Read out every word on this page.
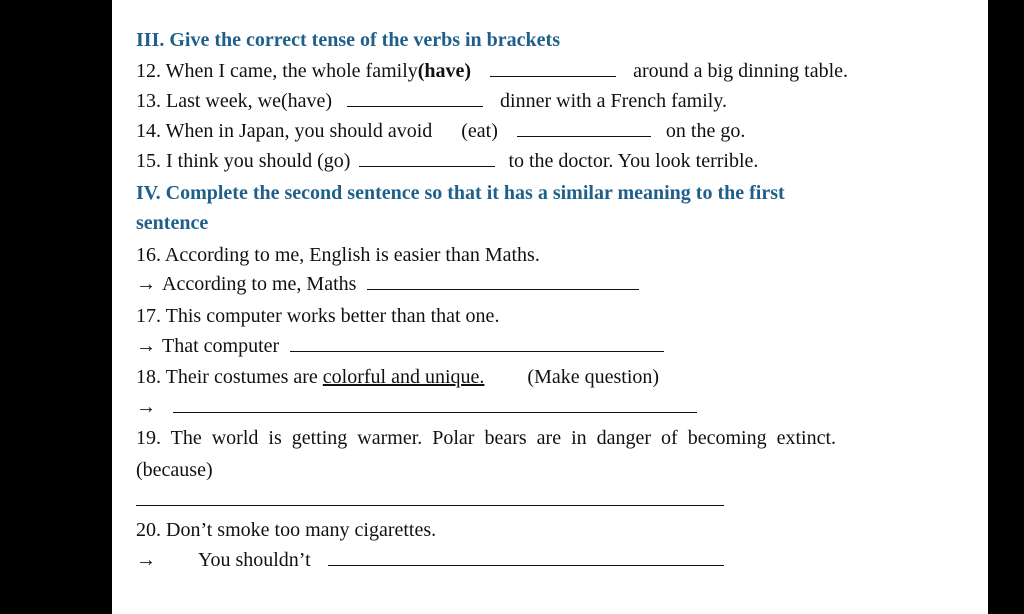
III. Give the correct tense of the verbs in brackets
12. When I came, the whole family(have)	around a big dinning table.
13. Last week, we(have)	dinner with a French family.
14. When in Japan, you should avoid (eat)	on the go.
15. I think you should (go)	to the doctor. You look terrible.
IV. Complete the second sentence so that it has a similar meaning to the first
sentence
16. According to me, English is easier than Maths.
→ According to me, Maths
17. This computer works better than that one.
→ That computer
18. Their costumes are colorful and unique. (Make question)
→
19. The world is getting warmer. Polar bears are in danger of becoming extinct.
(because)
20. Don’t smoke too many cigarettes.
→ You shouldn’t
